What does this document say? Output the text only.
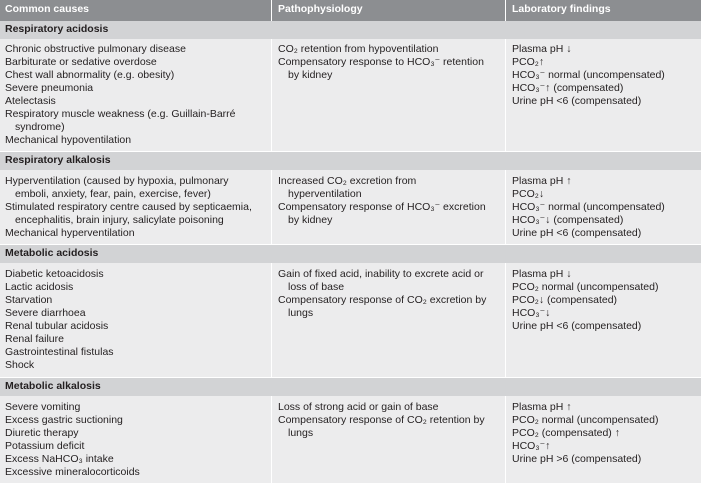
Common causes	Pathophysiology	Laboratory findings
Respiratory acidosis
Chronic obstructive pulmonary disease
Barbiturate or sedative overdose
Chest wall abnormality (e.g. obesity)
Severe pneumonia
Atelectasis
Respiratory muscle weakness (e.g. Guillain-Barré
syndrome)
Mechanical hypoventilation
CO₂ retention from hypoventilation
Compensatory response to HCO₃⁻ retention
by kidney
Plasma pH ↓
PCO₂↑
HCO₃⁻ normal (uncompensated)
HCO₃⁻↑ (compensated)
Urine pH <6 (compensated)
Respiratory alkalosis
Hyperventilation (caused by hypoxia, pulmonary
emboli, anxiety, fear, pain, exercise, fever)
Stimulated respiratory centre caused by septicaemia,
encephalitis, brain injury, salicylate poisoning
Mechanical hyperventilation
Increased CO₂ excretion from
hyperventilation
Compensatory response of HCO₃⁻ excretion
by kidney
Plasma pH ↑
PCO₂↓
HCO₃⁻ normal (uncompensated)
HCO₃⁻↓ (compensated)
Urine pH <6 (compensated)
Metabolic acidosis
Diabetic ketoacidosis
Lactic acidosis
Starvation
Severe diarrhoea
Renal tubular acidosis
Renal failure
Gastrointestinal fistulas
Shock
Gain of fixed acid, inability to excrete acid or
loss of base
Compensatory response of CO₂ excretion by
lungs
Plasma pH ↓
PCO₂ normal (uncompensated)
PCO₂↓ (compensated)
HCO₃⁻↓
Urine pH <6 (compensated)
Metabolic alkalosis
Severe vomiting
Excess gastric suctioning
Diuretic therapy
Potassium deficit
Excess NaHCO₃ intake
Excessive mineralocorticoids
Loss of strong acid or gain of base
Compensatory response of CO₂ retention by
lungs
Plasma pH ↑
PCO₂ normal (uncompensated)
PCO₂ (compensated) ↑
HCO₃⁻↑
Urine pH >6 (compensated)
